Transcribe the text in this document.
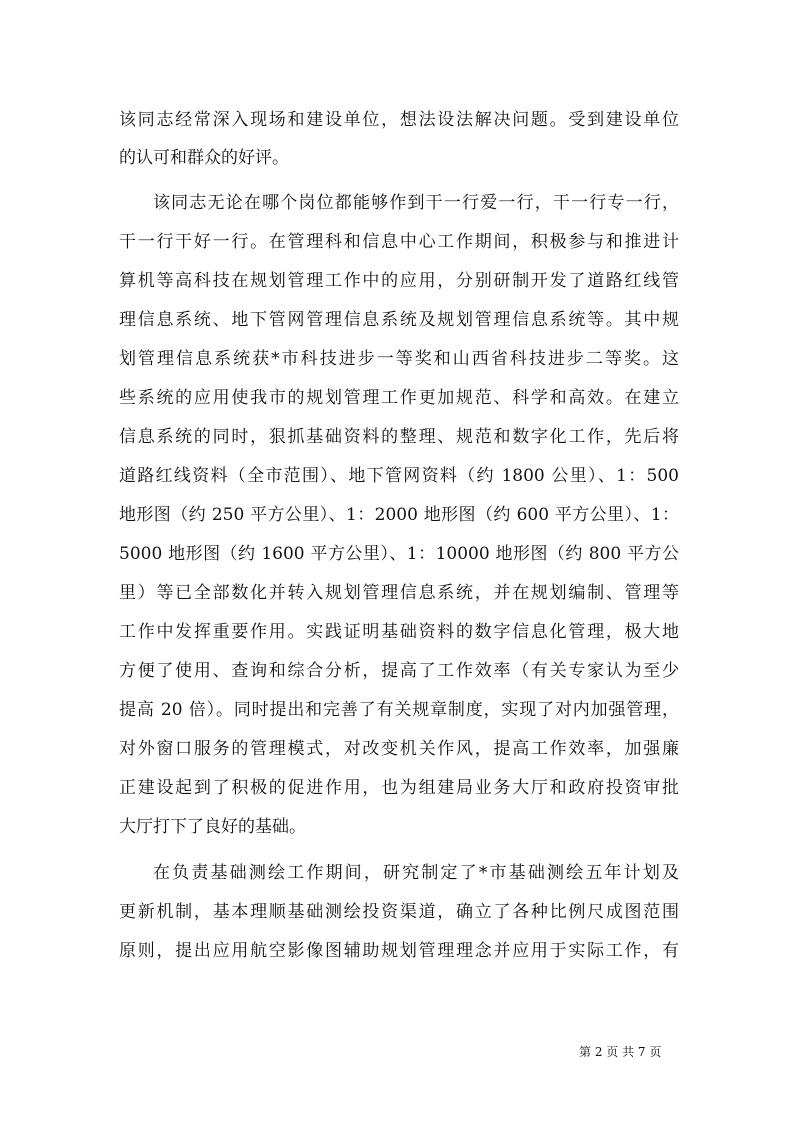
该同志经常深入现场和建设单位，想法设法解决问题。受到建设单位
的认可和群众的好评。
该同志无论在哪个岗位都能够作到干一行爱一行，干一行专一行，
干一行干好一行。在管理科和信息中心工作期间，积极参与和推进计
算机等高科技在规划管理工作中的应用，分别研制开发了道路红线管
理信息系统、地下管网管理信息系统及规划管理信息系统等。其中规
划管理信息系统获*市科技进步一等奖和山西省科技进步二等奖。这
些系统的应用使我市的规划管理工作更加规范、科学和高效。在建立
信息系统的同时，狠抓基础资料的整理、规范和数字化工作，先后将
道路红线资料（全市范围）、地下管网资料（约 1800 公里）、1：500
地形图（约 250 平方公里）、1：2000 地形图（约 600 平方公里）、1：
5000 地形图（约 1600 平方公里）、1：10000 地形图（约 800 平方公
里）等已全部数化并转入规划管理信息系统，并在规划编制、管理等
工作中发挥重要作用。实践证明基础资料的数字信息化管理，极大地
方便了使用、查询和综合分析，提高了工作效率（有关专家认为至少
提高 20 倍）。同时提出和完善了有关规章制度，实现了对内加强管理，
对外窗口服务的管理模式，对改变机关作风，提高工作效率，加强廉
正建设起到了积极的促进作用，也为组建局业务大厅和政府投资审批
大厅打下了良好的基础。
在负责基础测绘工作期间，研究制定了*市基础测绘五年计划及
更新机制，基本理顺基础测绘投资渠道，确立了各种比例尺成图范围
原则，提出应用航空影像图辅助规划管理理念并应用于实际工作，有
第 2 页 共 7 页
